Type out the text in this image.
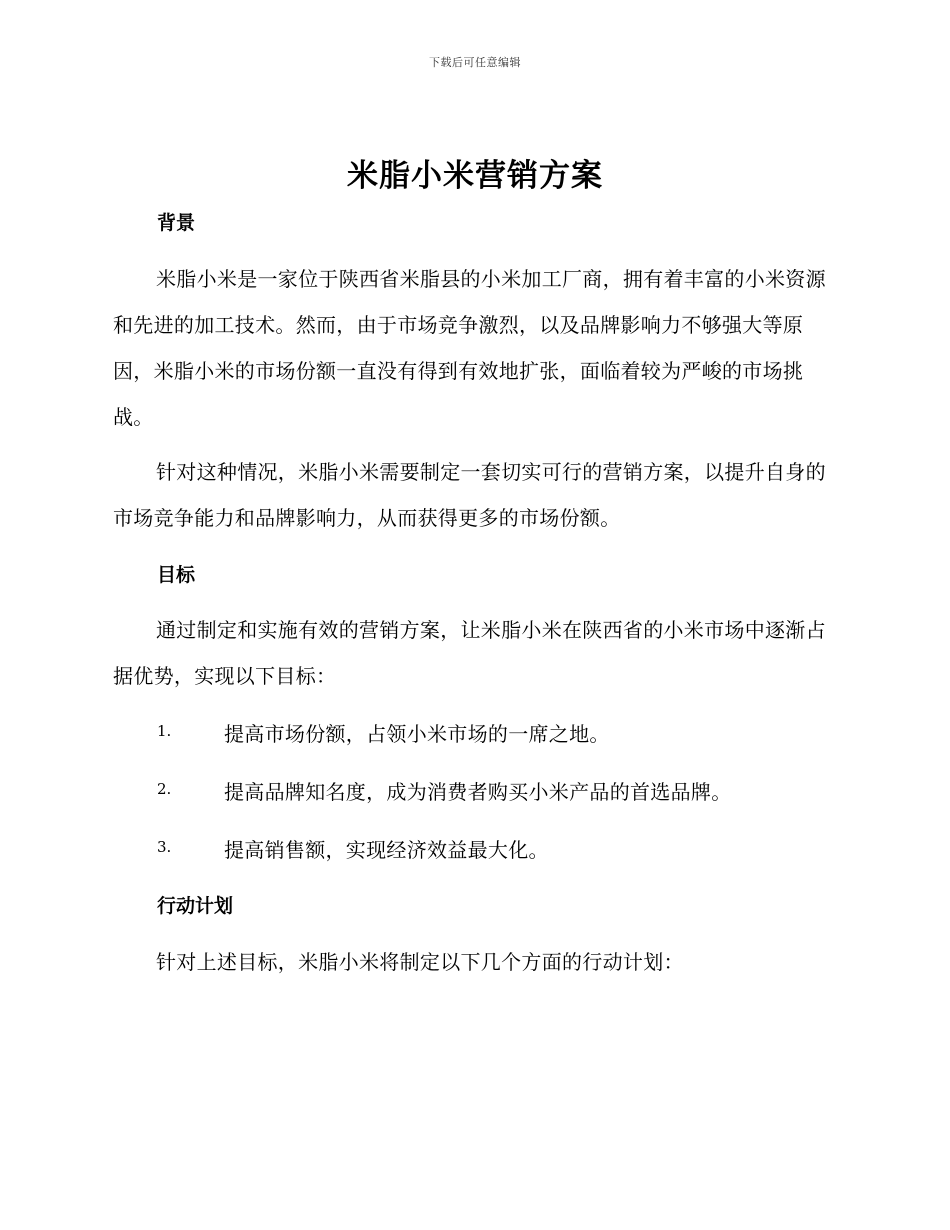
下载后可任意编辑
米脂小米营销方案
背景
米脂小米是一家位于陕西省米脂县的小米加工厂商，拥有着丰富的小米资源和先进的加工技术。然而，由于市场竞争激烈，以及品牌影响力不够强大等原因，米脂小米的市场份额一直没有得到有效地扩张，面临着较为严峻的市场挑战。
针对这种情况，米脂小米需要制定一套切实可行的营销方案，以提升自身的市场竞争能力和品牌影响力，从而获得更多的市场份额。
目标
通过制定和实施有效的营销方案，让米脂小米在陕西省的小米市场中逐渐占据优势，实现以下目标：
1.	提高市场份额，占领小米市场的一席之地。
2.	提高品牌知名度，成为消费者购买小米产品的首选品牌。
3.	提高销售额，实现经济效益最大化。
行动计划
针对上述目标，米脂小米将制定以下几个方面的行动计划：
